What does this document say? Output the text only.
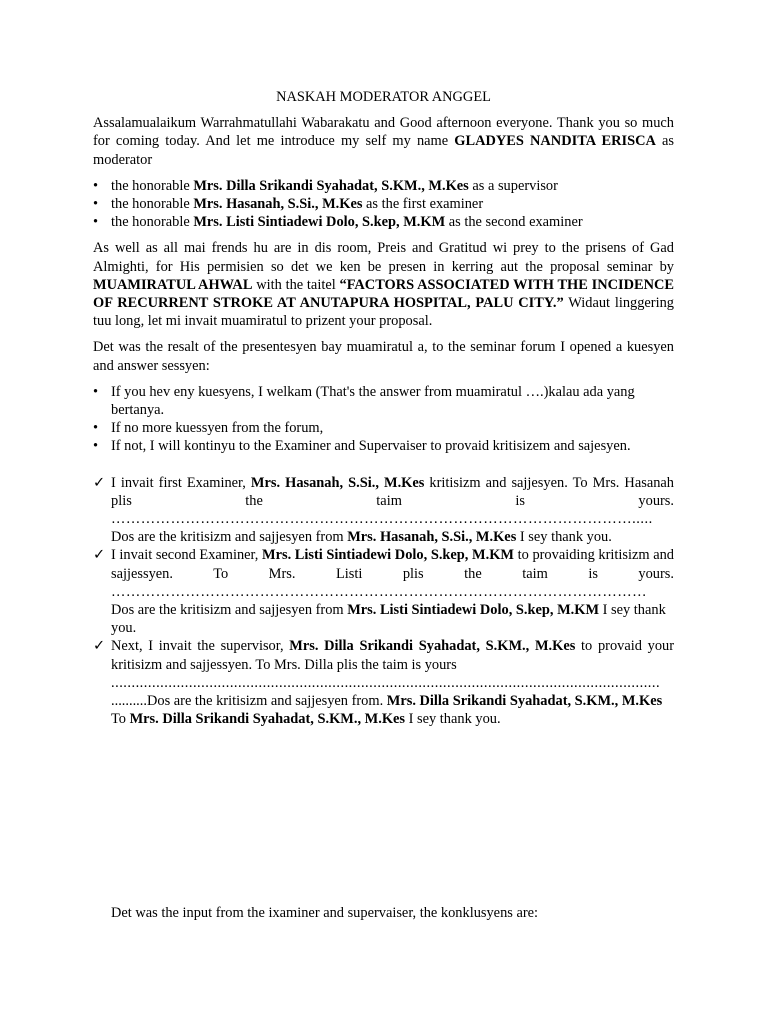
NASKAH MODERATOR ANGGEL

Assalamualaikum Warrahmatullahi Wabarakatu and Good afternoon everyone. Thank you so much for coming today. And let me introduce my self my name GLADYES NANDITA ERISCA as moderator

• the honorable Mrs. Dilla Srikandi Syahadat, S.KM., M.Kes as a supervisor
• the honorable Mrs. Hasanah, S.Si., M.Kes as the first examiner
• the honorable Mrs. Listi Sintiadewi Dolo, S.kep, M.KM as the second examiner

As well as all mai frends hu are in dis room, Preis and Gratitud wi prey to the prisens of Gad Almighti, for His permisien so det we ken be presen in kerring aut the proposal seminar by MUAMIRATUL AHWAL with the taitel “FACTORS ASSOCIATED WITH THE INCIDENCE OF RECURRENT STROKE AT ANUTAPURA HOSPITAL, PALU CITY.” Widaut linggering tuu long, let mi invait muamiratul to prizent your proposal.

Det was the resalt of the presentesyen bay muamiratul a, to the seminar forum I opened a kuesyen and answer sessyen:

• If you hev eny kuesyens, I welkam (That's the answer from muamiratul ….)kalau ada yang bertanya.
• If no more kuessyen from the forum,
• If not, I will kontinyu to the Examiner and Supervaiser to provaid kritisizem and sajesyen.
✓ I invait first Examiner, Mrs. Hasanah, S.Si., M.Kes kritisizm and sajjesyen. To Mrs. Hasanah plis the taim is yours.

…………………………………………………………………………………………….....

Dos are the kritisizm and sajjesyen from Mrs. Hasanah, S.Si., M.Kes I sey thank you.

✓ I invait second Examiner, Mrs. Listi Sintiadewi Dolo, S.kep, M.KM to provaiding kritisizm and sajjessyen. To Mrs. Listi plis the taim is yours.

………………………………………………………………………………………………

Dos are the kritisizm and sajjesyen from Mrs. Listi Sintiadewi Dolo, S.kep, M.KM I sey thank you.

✓ Next, I invait the supervisor, Mrs. Dilla Srikandi Syahadat, S.KM., M.Kes to provaid your kritisizm and sajjessyen. To Mrs. Dilla plis the taim is yours

......................................................................................................................................

..........Dos are the kritisizm and sajjesyen from. Mrs. Dilla Srikandi Syahadat, S.KM., M.Kes To Mrs. Dilla Srikandi Syahadat, S.KM., M.Kes I sey thank you.

Det was the input from the ixaminer and supervaiser, the konklusyens are:
